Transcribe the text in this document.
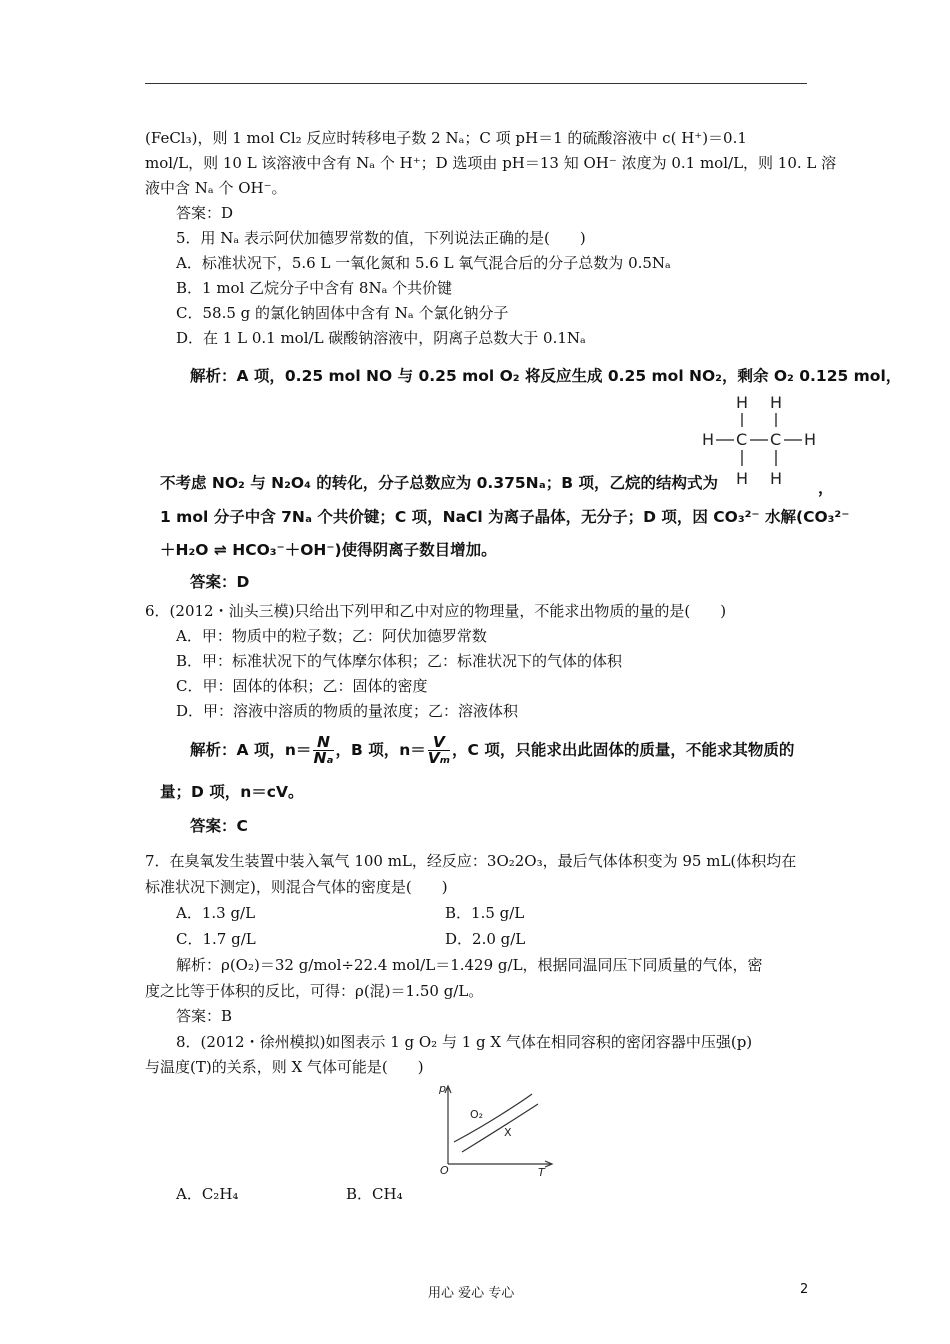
(FeCl₃)，则 1 mol Cl₂ 反应时转移电子数 2 Nₐ；C 项 pH＝1 的硫酸溶液中 c( H⁺)＝0.1
mol/L，则 10 L 该溶液中含有 Nₐ 个 H⁺；D 选项由 pH＝13 知 OH⁻ 浓度为 0.1 mol/L，则 10. L 溶
液中含 Nₐ 个 OH⁻。
答案：D
5．用 Nₐ 表示阿伏加德罗常数的值，下列说法正确的是(　　)
A．标准状况下，5.6 L 一氧化氮和 5.6 L 氧气混合后的分子总数为 0.5Nₐ
B．1 mol 乙烷分子中含有 8Nₐ 个共价键
C．58.5 g 的氯化钠固体中含有 Nₐ 个氯化钠分子
D．在 1 L 0.1 mol/L 碳酸钠溶液中，阴离子总数大于 0.1Nₐ
解析：A 项，0.25 mol NO 与 0.25 mol O₂ 将反应生成 0.25 mol NO₂，剩余 O₂ 0.125 mol，
H H
H C C H
H H
不考虑 NO₂ 与 N₂O₄ 的转化，分子总数应为 0.375Nₐ；B 项，乙烷的结构式为	，
1 mol 分子中含 7Nₐ 个共价键；C 项，NaCl 为离子晶体，无分子；D 项，因 CO₃²⁻ 水解(CO₃²⁻
＋H₂O ⇌ HCO₃⁻＋OH⁻)使得阴离子数目增加。
答案：D
6．(2012・汕头三模)只给出下列甲和乙中对应的物理量，不能求出物质的量的是(　　)
A．甲：物质中的粒子数；乙：阿伏加德罗常数
B．甲：标准状况下的气体摩尔体积；乙：标准状况下的气体的体积
C．甲：固体的体积；乙：固体的密度
D．甲：溶液中溶质的物质的量浓度；乙：溶液体积
解析：A 项，$n= \frac{N}{\text{Nₐ}}$ ，B 项，$n= \frac{V}{\text{Vₘ}}$ ，C 项，只能求出此固体的质量，不能求其物质的
量；D 项，n＝cV。
答案：C
7．在臭氧发生装置中装入氧气 100 mL，经反应：3O₂2O₃，最后气体体积变为 95 mL(体积均在
标准状况下测定)，则混合气体的密度是(　　)
A．1.3 g/L	B．1.5 g/L
C．1.7 g/L	D．2.0 g/L
解析：ρ(O₂)＝32 g/mol÷22.4 mol/L＝1.429 g/L，根据同温同压下同质量的气体，密
度之比等于体积的反比，可得：ρ(混)＝1.50 g/L。
答案：B
8．(2012・徐州模拟)如图表示 1 g O₂ 与 1 g X 气体在相同容积的密闭容器中压强(p)
与温度(T)的关系，则 X 气体可能是(　　)
p
T
O
O₂
X
A．C₂H₄	B．CH₄
用心 爱心 专心	2
